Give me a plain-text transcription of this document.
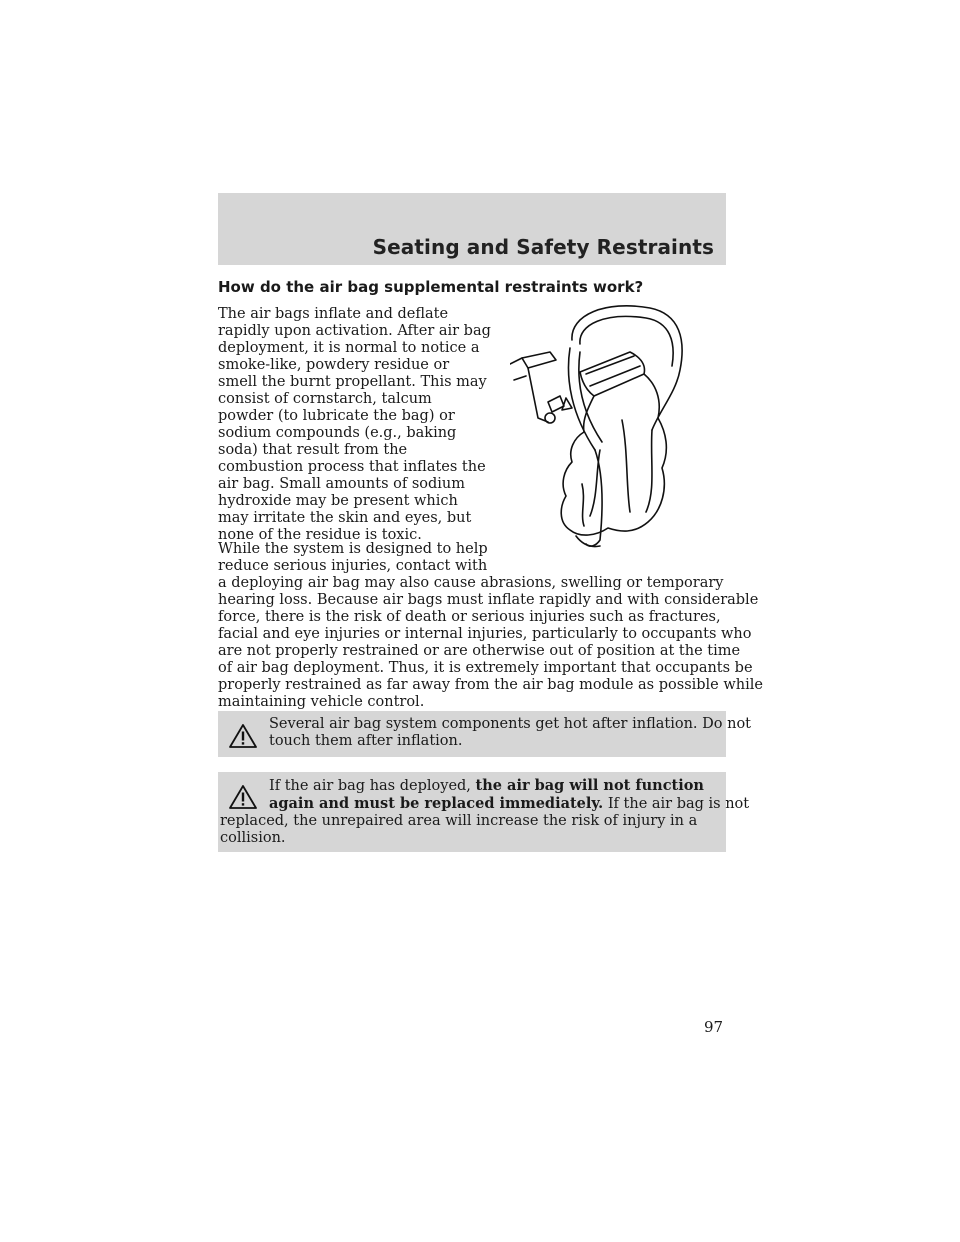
Seating and Safety Restraints
How do the air bag supplemental restraints work?

The air bags inflate and deflate
rapidly upon activation. After air bag
deployment, it is normal to notice a
smoke-like, powdery residue or
smell the burnt propellant. This may
consist of cornstarch, talcum
powder (to lubricate the bag) or
sodium compounds (e.g., baking
soda) that result from the
combustion process that inflates the
air bag. Small amounts of sodium
hydroxide may be present which
may irritate the skin and eyes, but
none of the residue is toxic.

While the system is designed to help
reduce serious injuries, contact with
a deploying air bag may also cause abrasions, swelling or temporary
hearing loss. Because air bags must inflate rapidly and with considerable
force, there is the risk of death or serious injuries such as fractures,
facial and eye injuries or internal injuries, particularly to occupants who
are not properly restrained or are otherwise out of position at the time
of air bag deployment. Thus, it is extremely important that occupants be
properly restrained as far away from the air bag module as possible while
maintaining vehicle control.

Several air bag system components get hot after inflation. Do not
touch them after inflation.
If the air bag has deployed, the air bag will not function
again and must be replaced immediately. If the air bag is not
replaced, the unrepaired area will increase the risk of injury in a
collision.
97
